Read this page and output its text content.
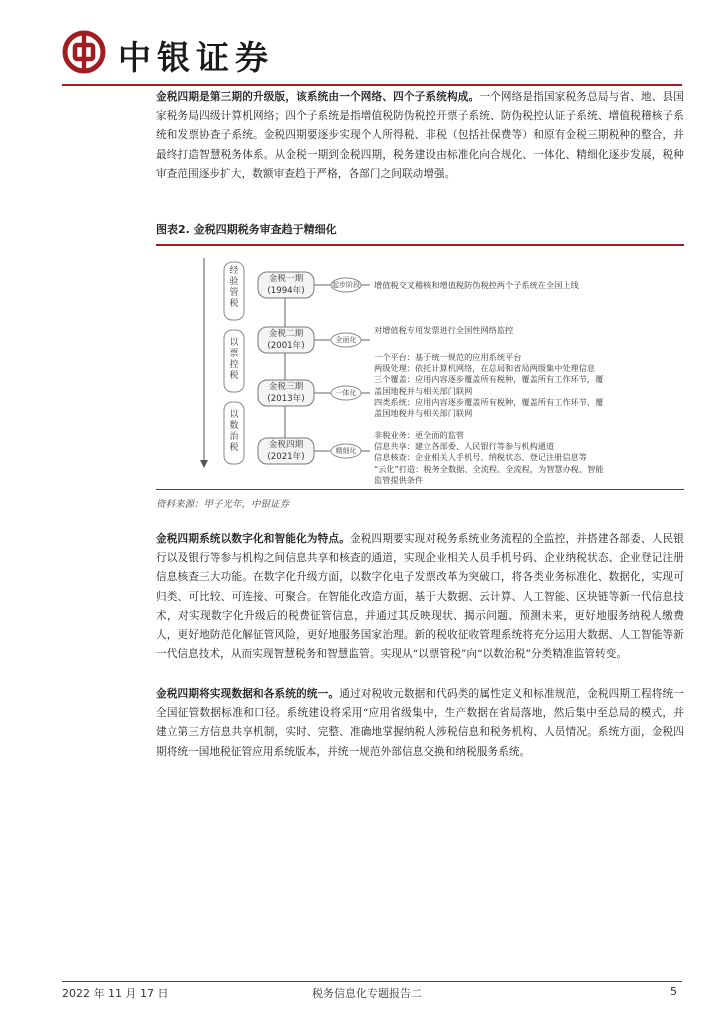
中银证券

金税四期是第三期的升级版，该系统由一个网络、四个子系统构成。一个网络是指国家税务总局与省、地、县国家税务局四级计算机网络；四个子系统是指增值税防伪税控开票子系统、防伪税控认证子系统、增值税稽核子系统和发票协查子系统。金税四期要逐步实现个人所得税、非税（包括社保费等）和原有金税三期税种的整合，并最终打造智慧税务体系。从金税一期到金税四期，税务建设由标准化向合规化、一体化、精细化逐步发展，税种审查范围逐步扩大，数额审查趋于严格，各部门之间联动增强。

图表2. 金税四期税务审查趋于精细化
经
验
管
税
以
票
控
税
以
数
治
税
金税一期
(1994年)
金税二期
(2001年)
金税三期
(2013年)
金税四期
(2021年)
起步阶段
全面化
一体化
精细化
增值税交叉稽核和增值税防伪税控两个子系统在全国上线
对增值税专用发票进行全国性网络监控
一个平台：基于统一规范的应用系统平台
两级处理：依托计算机网络，在总局和省局两级集中处理信息
三个覆盖：应用内容逐步覆盖所有税种，覆盖所有工作环节，覆
盖国地税并与相关部门联网
四类系统：应用内容逐步覆盖所有税种，覆盖所有工作环节，覆
盖国地税并与相关部门联网
非税业务：更全面的监管
信息共享：建立各部委、人民银行等参与机构通道
信息核查：企业相关人手机号、纳税状态、登记注册信息等
“云化”打造：税务全数据、全流程、全流程，为智慧办税、智能
监管提供条件
资料来源：甲子光年，中银证券

金税四期系统以数字化和智能化为特点。金税四期要实现对税务系统业务流程的全监控，并搭建各部委、人民银行以及银行等参与机构之间信息共享和核查的通道，实现企业相关人员手机号码、企业纳税状态、企业登记注册信息核查三大功能。在数字化升级方面，以数字化电子发票改革为突破口，将各类业务标准化、数据化，实现可归类、可比较、可连接、可聚合。在智能化改造方面，基于大数据、云计算、人工智能、区块链等新一代信息技术，对实现数字化升级后的税费征管信息，并通过其反映现状、揭示问题、预测未来，更好地服务纳税人缴费人，更好地防范化解征管风险，更好地服务国家治理。新的税收征收管理系统将充分运用大数据、人工智能等新一代信息技术，从而实现智慧税务和智慧监管。实现从“以票管税”向“以数治税”分类精准监管转变。

金税四期将实现数据和各系统的统一。通过对税收元数据和代码类的属性定义和标准规范，金税四期工程将统一全国征管数据标准和口径。系统建设将采用“应用省级集中，生产数据在省局落地，然后集中至总局的模式，并建立第三方信息共享机制，实时、完整、准确地掌握纳税人涉税信息和税务机构、人员情况。系统方面，金税四期将统一国地税征管应用系统版本，并统一规范外部信息交换和纳税服务系统。

2022 年 11 月 17 日	税务信息化专题报告二	5
